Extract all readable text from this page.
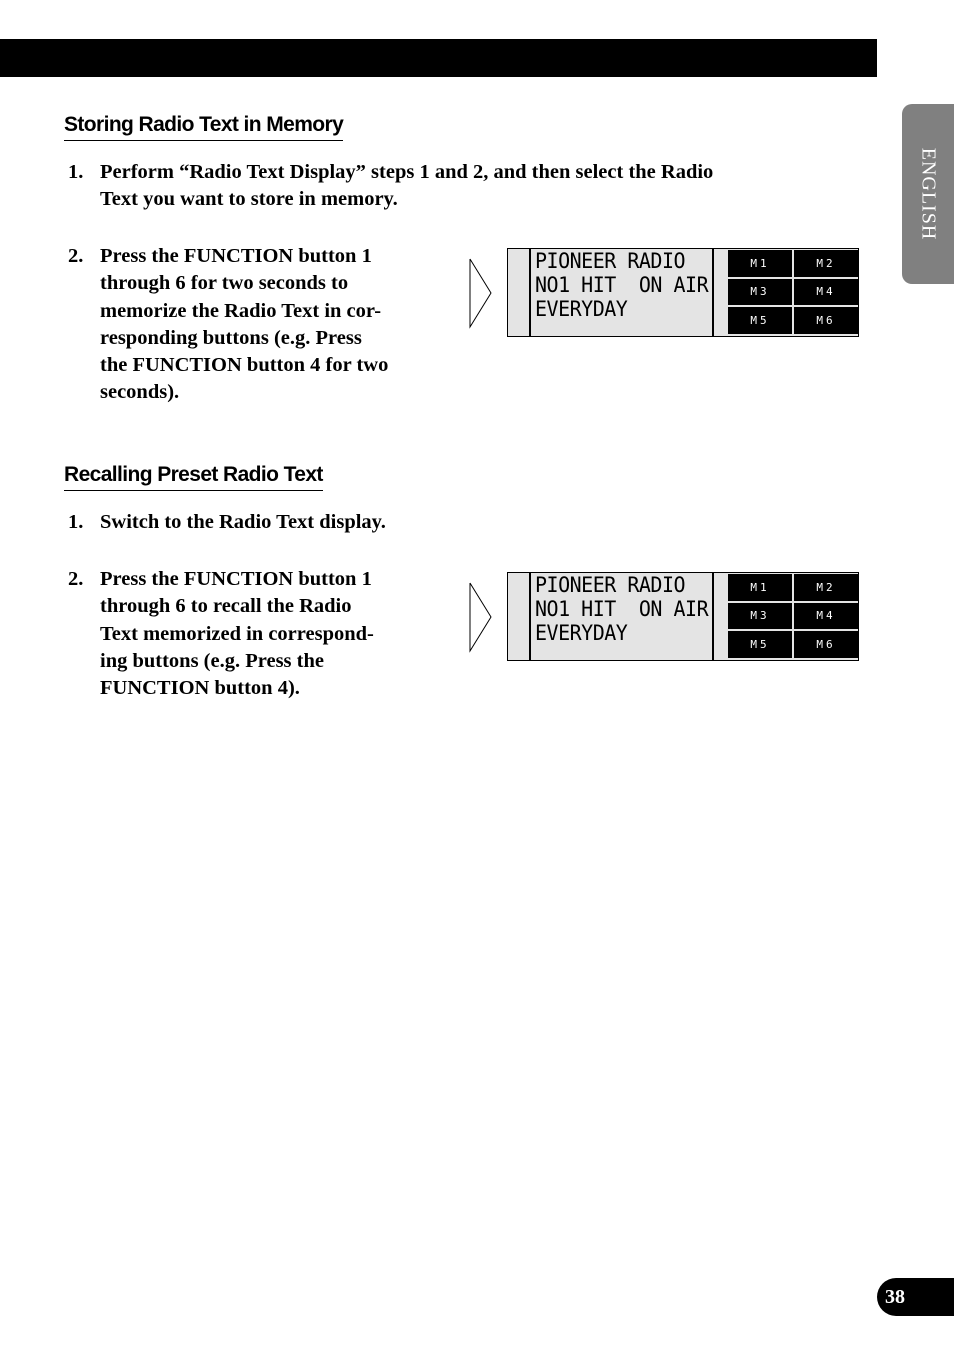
ENGLISH
Storing Radio Text in Memory
1. Perform “Radio Text Display” steps 1 and 2, and then select the Radio
Text you want to store in memory.
2. Press the FUNCTION button 1
through 6 for two seconds to
memorize the Radio Text in cor-
responding buttons (e.g. Press
the FUNCTION button 4 for two
seconds).
PIONEER RADIO
NO1 HIT  ON AIR
EVERYDAY
M1	M2
M3	M4
M5	M6
Recalling Preset Radio Text
1. Switch to the Radio Text display.
2. Press the FUNCTION button 1
through 6 to recall the Radio
Text memorized in correspond-
ing buttons (e.g. Press the
FUNCTION button 4).
PIONEER RADIO
NO1 HIT  ON AIR
EVERYDAY
M1	M2
M3	M4
M5	M6
38
